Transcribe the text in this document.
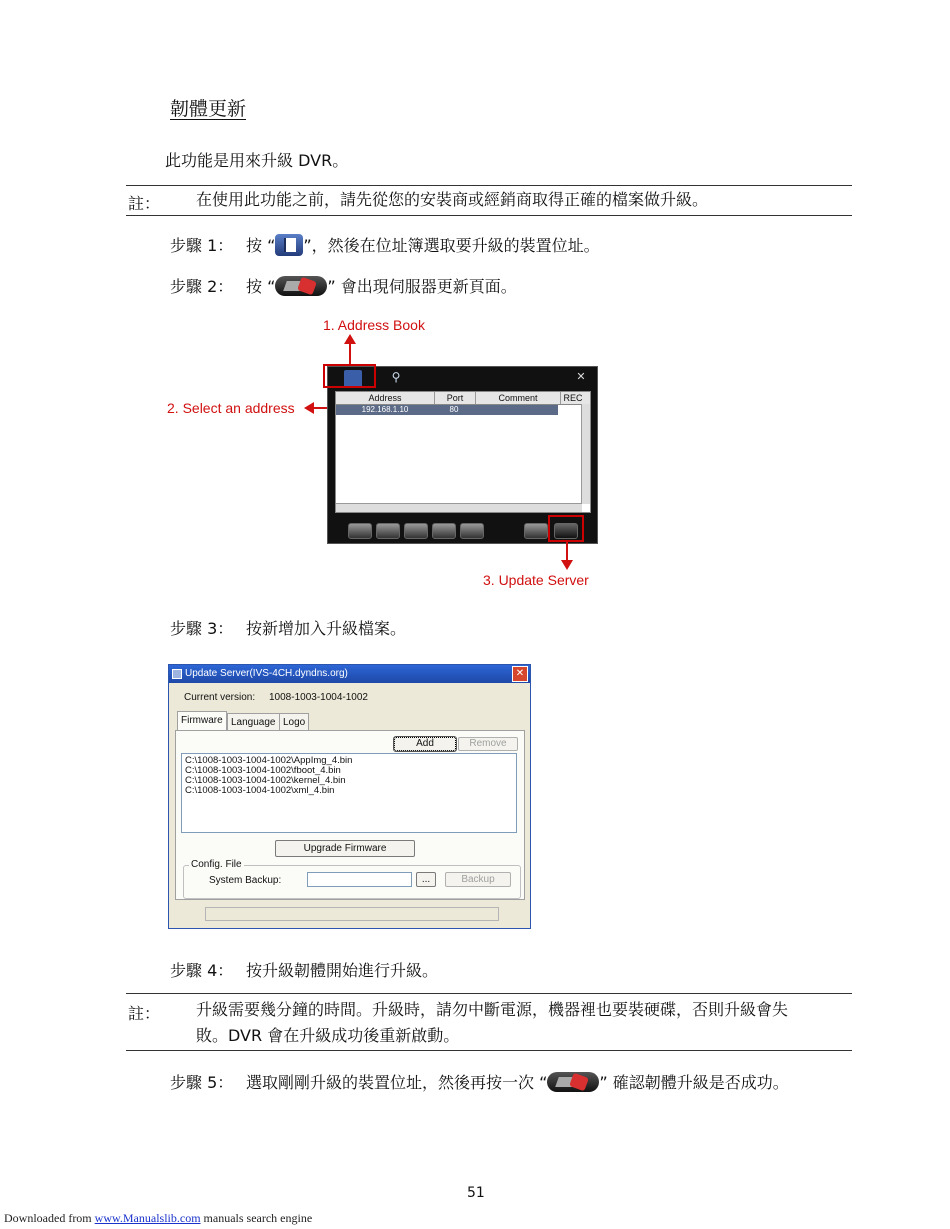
韌體更新
此功能是用來升級 DVR。
註： 在使用此功能之前，請先從您的安裝商或經銷商取得正確的檔案做升級。
步驟 1： 按 “ ”，然後在位址簿選取要升級的裝置位址。
步驟 2： 按 “	” 會出現伺服器更新頁面。
1. Address Book
2. Select an address
⚲	✕
Address	Port	Comment	REC
192.168.1.10	80
3. Update Server
步驟 3： 按新增加入升級檔案。
Update Server(IVS-4CH.dyndns.org)	✕
Current version: 1008-1003-1004-1002
Firmware Language Logo
Add	Remove
C:\1008-1003-1004-1002\AppImg_4.bin
C:\1008-1003-1004-1002\fboot_4.bin
C:\1008-1003-1004-1002\kernel_4.bin
C:\1008-1003-1004-1002\xml_4.bin
Upgrade Firmware
Config. File
System Backup:	...	Backup
步驟 4： 按升級韌體開始進行升級。
註： 升級需要幾分鐘的時間。升級時，請勿中斷電源，機器裡也要裝硬碟，否則升級會失
敗。DVR 會在升級成功後重新啟動。
步驟 5： 選取剛剛升級的裝置位址，然後再按一次 “	” 確認韌體升級是否成功。
51
Downloaded from www.Manualslib.com manuals search engine
